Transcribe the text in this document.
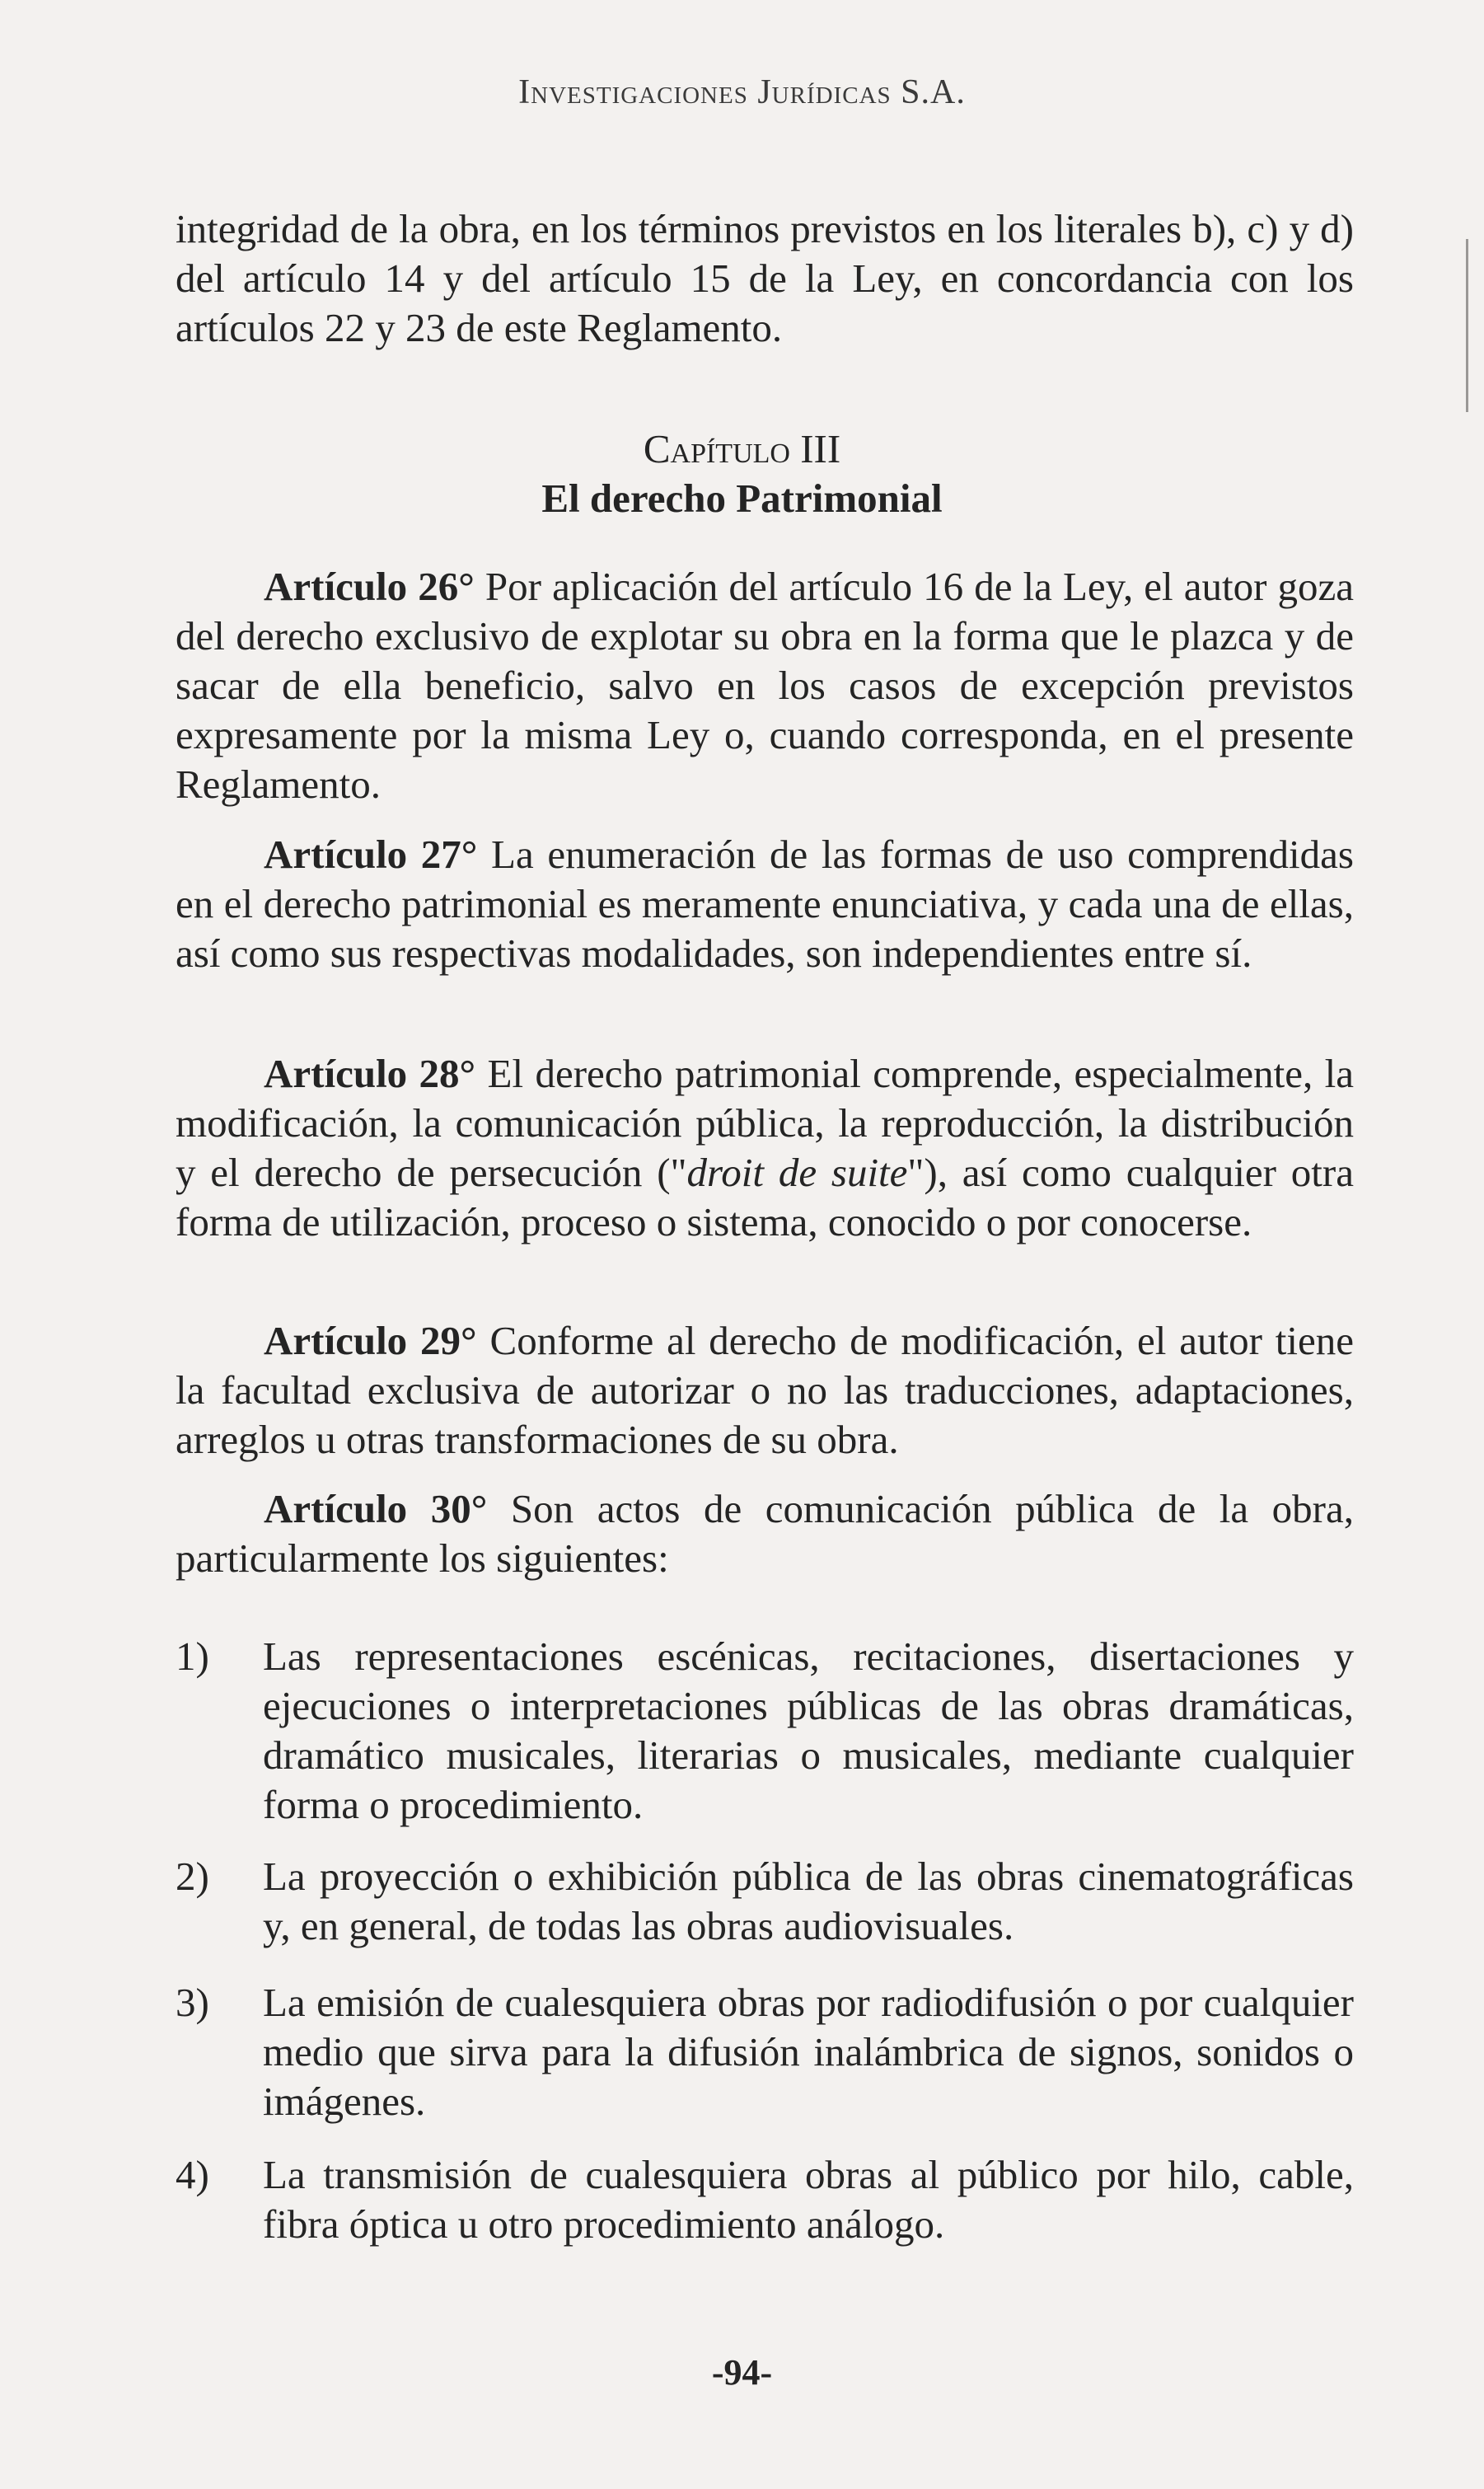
Investigaciones Jurídicas S.A.
integridad de la obra, en los términos previstos en los literales b), c) y d) del artículo 14 y del artículo 15 de la Ley, en concordancia con los artículos 22 y 23 de este Reglamento.
Capítulo III
El derecho Patrimonial
Artículo 26° Por aplicación del artículo 16 de la Ley, el autor goza del derecho exclusivo de explotar su obra en la forma que le plazca y de sacar de ella beneficio, salvo en los casos de excepción previstos expresamente por la misma Ley o, cuando corresponda, en el presente Reglamento.
Artículo 27° La enumeración de las formas de uso comprendidas en el derecho patrimonial es meramente enunciativa, y cada una de ellas, así como sus respectivas modalidades, son independientes entre sí.
Artículo 28° El derecho patrimonial comprende, especialmente, la modificación, la comunicación pública, la reproducción, la distribución y el derecho de persecución ("droit de suite"), así como cualquier otra forma de utilización, proceso o sistema, conocido o por conocerse.
Artículo 29° Conforme al derecho de modificación, el autor tiene la facultad exclusiva de autorizar o no las traducciones, adaptaciones, arreglos u otras transformaciones de su obra.
Artículo 30° Son actos de comunicación pública de la obra, particularmente los siguientes:
1)	Las representaciones escénicas, recitaciones, disertaciones y ejecuciones o interpretaciones públicas de las obras dramáticas, dramático musicales, literarias o musicales, mediante cualquier forma o procedimiento.
2)	La proyección o exhibición pública de las obras cinematográficas y, en general, de todas las obras audiovisuales.
3)	La emisión de cualesquiera obras por radiodifusión o por cualquier medio que sirva para la difusión inalámbrica de signos, sonidos o imágenes.
4)	La transmisión de cualesquiera obras al público por hilo, cable, fibra óptica u otro procedimiento análogo.
-94-
